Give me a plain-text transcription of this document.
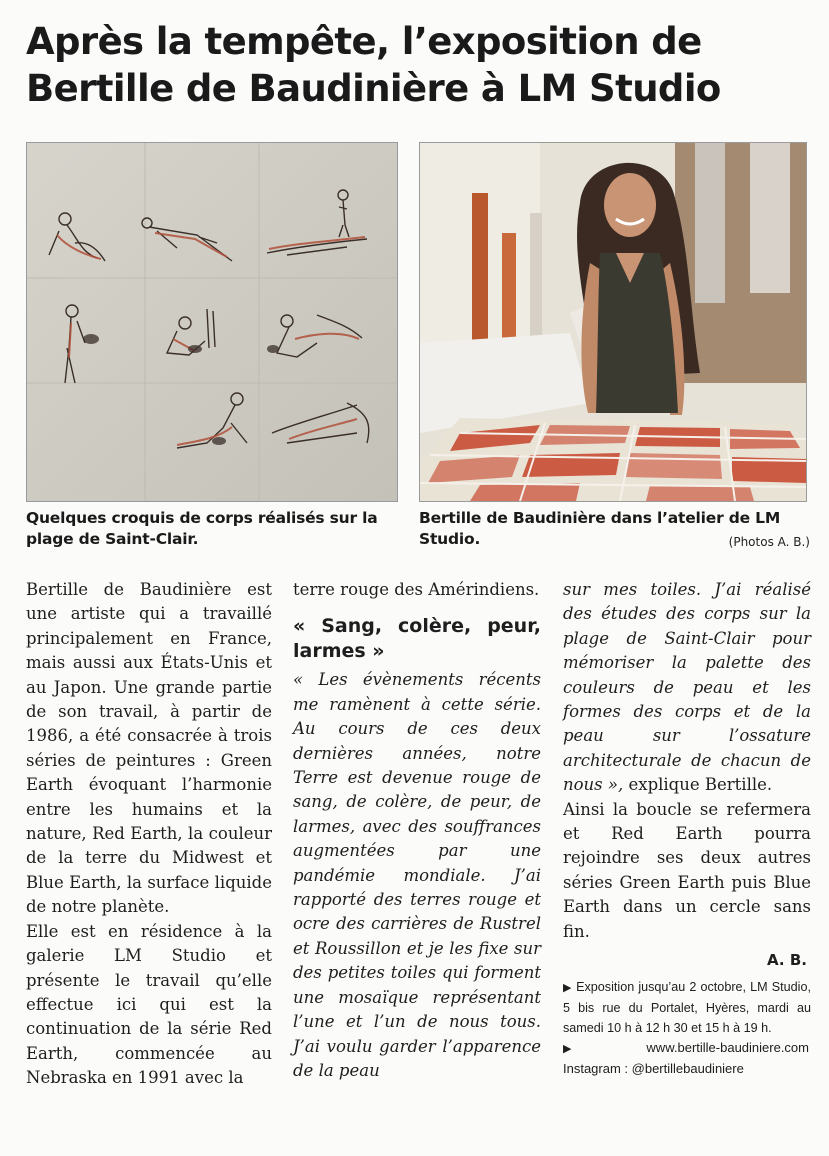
Après la tempête, l’exposition de Bertille de Baudinière à LM Studio
Quelques croquis de corps réalisés sur la plage de Saint-Clair.
Bertille de Baudinière dans l’atelier de LM Studio.	(Photos A. B.)

Bertille de Baudinière est une artiste qui a travaillé principalement en France, mais aussi aux États-Unis et au Japon. Une grande partie de son travail, à partir de 1986, a été consacrée à trois séries de peintures : Green Earth évoquant l’harmonie entre les humains et la nature, Red Earth, la couleur de la terre du Midwest et Blue Earth, la surface liquide de notre planète.

Elle est en résidence à la galerie LM Studio et présente le travail qu’elle effectue ici qui est la continuation de la série Red Earth, commencée au Nebraska en 1991 avec la

terre rouge des Amérindiens.

« Sang, colère, peur, larmes »

« Les évènements récents me ramènent à cette série. Au cours de ces deux dernières années, notre Terre est devenue rouge de sang, de colère, de peur, de larmes, avec des souffrances augmentées par une pandémie mondiale. J’ai rapporté des terres rouge et ocre des carrières de Rustrel et Roussillon et je les fixe sur des petites toiles qui forment une mosaïque représentant l’une et l’un de nous tous. J’ai voulu garder l’apparence de la peau

sur mes toiles. J’ai réalisé des études des corps sur la plage de Saint-Clair pour mémoriser la palette des couleurs de peau et les formes des corps et de la peau sur l’ossature architecturale de chacun de nous », explique Bertille.

Ainsi la boucle se refermera et Red Earth pourra rejoindre ses deux autres séries Green Earth puis Blue Earth dans un cercle sans fin.

A. B.

▶ Exposition jusqu’au 2 octobre, LM Studio, 5 bis rue du Portalet, Hyères, mardi au samedi 10 h à 12 h 30 et 15 h à 19 h.

▶	www.bertille-baudiniere.com

Instagram : @bertillebaudiniere
